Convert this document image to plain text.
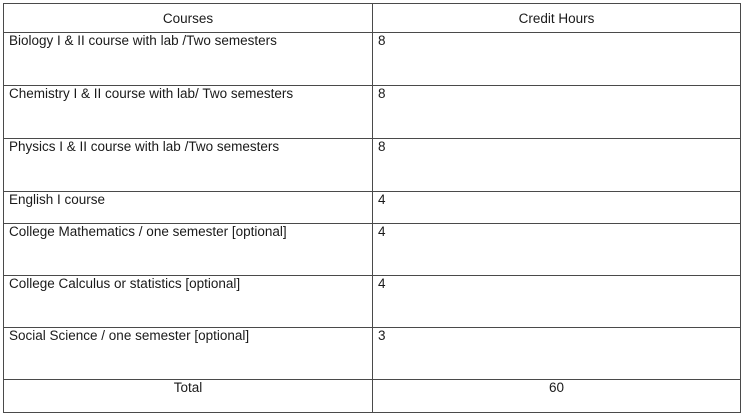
Courses	Credit Hours
Biology I & II course with lab /Two semesters	8
Chemistry I & II course with lab/ Two semesters	8
Physics I & II course with lab /Two semesters	8
English I course	4
College Mathematics / one semester [optional]	4
College Calculus or statistics [optional]	4
Social Science / one semester [optional]	3
Total	60
